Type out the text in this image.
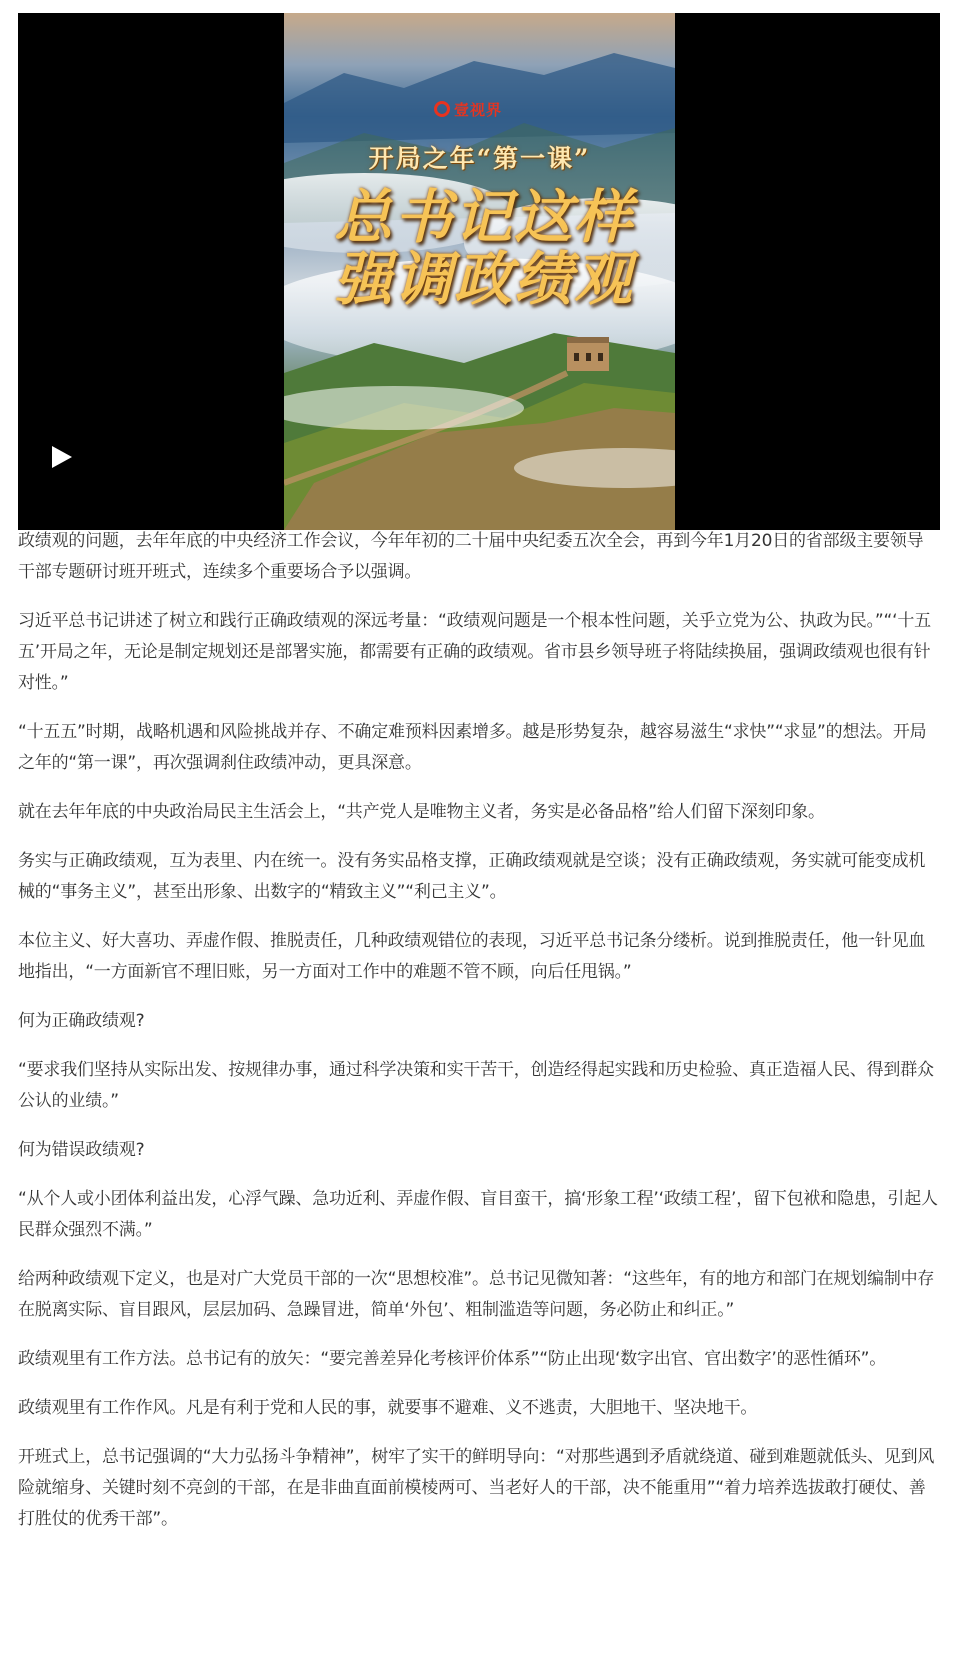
壹视界
开局之年“第一课”
总书记这样
强调政绩观

政绩观的问题，去年年底的中央经济工作会议，今年年初的二十届中央纪委五次全会，再到今年1月20日的省部级主要领导干部专题研讨班开班式，连续多个重要场合予以强调。

习近平总书记讲述了树立和践行正确政绩观的深远考量：“政绩观问题是一个根本性问题，关乎立党为公、执政为民。”“‘十五五’开局之年，无论是制定规划还是部署实施，都需要有正确的政绩观。省市县乡领导班子将陆续换届，强调政绩观也很有针对性。”

“十五五”时期，战略机遇和风险挑战并存、不确定难预料因素增多。越是形势复杂，越容易滋生“求快”“求显”的想法。开局之年的“第一课”，再次强调刹住政绩冲动，更具深意。

就在去年年底的中央政治局民主生活会上，“共产党人是唯物主义者，务实是必备品格”给人们留下深刻印象。

务实与正确政绩观，互为表里、内在统一。没有务实品格支撑，正确政绩观就是空谈；没有正确政绩观，务实就可能变成机械的“事务主义”，甚至出形象、出数字的“精致主义”“利己主义”。

本位主义、好大喜功、弄虚作假、推脱责任，几种政绩观错位的表现，习近平总书记条分缕析。说到推脱责任，他一针见血地指出，“一方面新官不理旧账，另一方面对工作中的难题不管不顾，向后任甩锅。”

何为正确政绩观?

“要求我们坚持从实际出发、按规律办事，通过科学决策和实干苦干，创造经得起实践和历史检验、真正造福人民、得到群众公认的业绩。”

何为错误政绩观?

“从个人或小团体利益出发，心浮气躁、急功近利、弄虚作假、盲目蛮干，搞‘形象工程’‘政绩工程’，留下包袱和隐患，引起人民群众强烈不满。”

给两种政绩观下定义，也是对广大党员干部的一次“思想校准”。总书记见微知著：“这些年，有的地方和部门在规划编制中存在脱离实际、盲目跟风，层层加码、急躁冒进，简单‘外包’、粗制滥造等问题，务必防止和纠正。”

政绩观里有工作方法。总书记有的放矢：“要完善差异化考核评价体系”“防止出现‘数字出官、官出数字’的恶性循环”。

政绩观里有工作作风。凡是有利于党和人民的事，就要事不避难、义不逃责，大胆地干、坚决地干。

开班式上，总书记强调的“大力弘扬斗争精神”，树牢了实干的鲜明导向：“对那些遇到矛盾就绕道、碰到难题就低头、见到风险就缩身、关键时刻不亮剑的干部，在是非曲直面前模棱两可、当老好人的干部，决不能重用”“着力培养选拔敢打硬仗、善打胜仗的优秀干部”。
